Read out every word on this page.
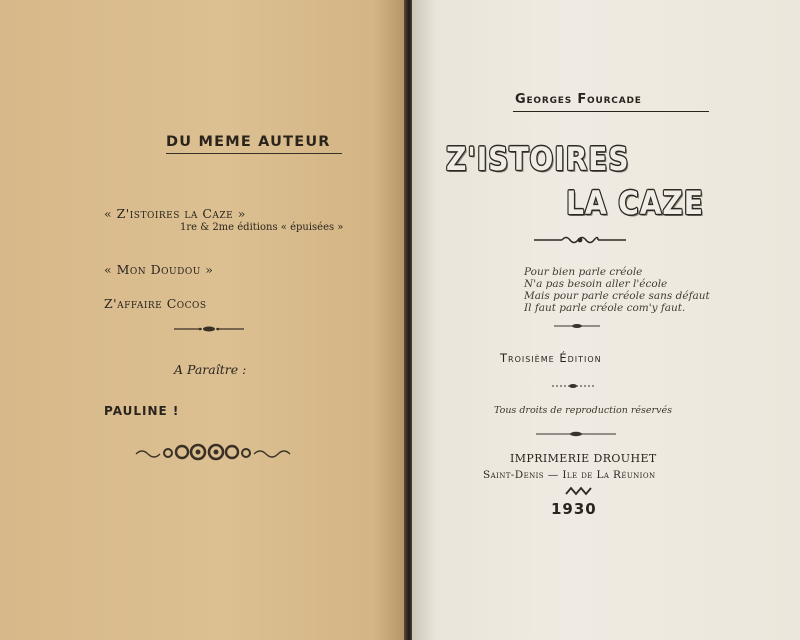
DU MEME AUTEUR
« Z'istoires la Caze »
1re & 2me éditions « épuisées »
« Mon Doudou »
Z'affaire Cocos
A Paraître :
PAULINE !
Georges Fourcade
Z'ISTOIRES
LA CAZE
Pour bien parle créole
N'a pas besoin aller l'école
Mais pour parle créole sans défaut
Il faut parle créole com'y faut.
Troisième Édition
Tous droits de reproduction réservés
IMPRIMERIE DROUHET
Saint-Denis — Ile de La Réunion
1930
